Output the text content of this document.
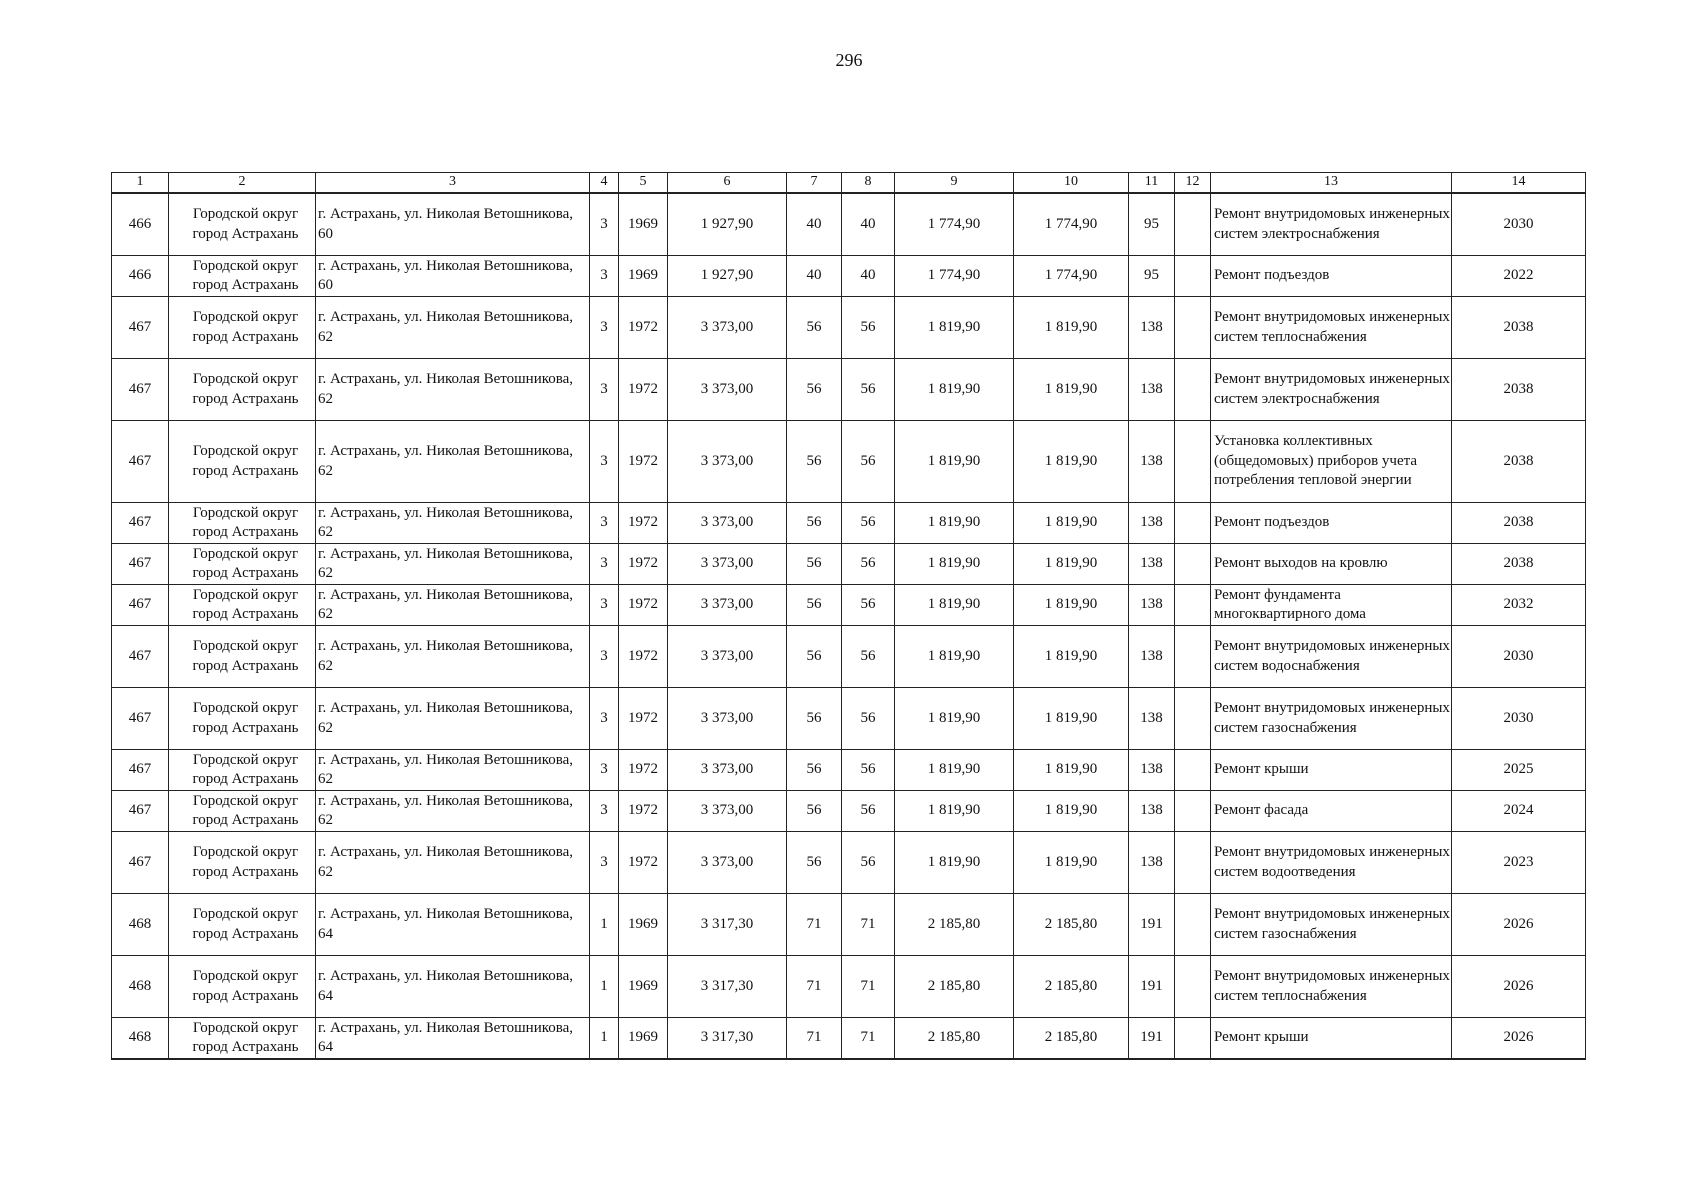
296
1	2	3	4	5	6	7	8	9	10	11	12	13	14
466	Городской округ город Астрахань	г. Астрахань, ул. Николая Ветошникова, 60	3	1969	1 927,90	40	40	1 774,90	1 774,90	95		Ремонт внутридомовых инженерных систем электроснабжения	2030
466	Городской округ город Астрахань	г. Астрахань, ул. Николая Ветошникова, 60	3	1969	1 927,90	40	40	1 774,90	1 774,90	95		Ремонт подъездов	2022
467	Городской округ город Астрахань	г. Астрахань, ул. Николая Ветошникова, 62	3	1972	3 373,00	56	56	1 819,90	1 819,90	138		Ремонт внутридомовых инженерных систем теплоснабжения	2038
467	Городской округ город Астрахань	г. Астрахань, ул. Николая Ветошникова, 62	3	1972	3 373,00	56	56	1 819,90	1 819,90	138		Ремонт внутридомовых инженерных систем электроснабжения	2038
467	Городской округ город Астрахань	г. Астрахань, ул. Николая Ветошникова, 62	3	1972	3 373,00	56	56	1 819,90	1 819,90	138		Установка коллективных (общедомовых) приборов учета потребления тепловой энергии	2038
467	Городской округ город Астрахань	г. Астрахань, ул. Николая Ветошникова, 62	3	1972	3 373,00	56	56	1 819,90	1 819,90	138		Ремонт подъездов	2038
467	Городской округ город Астрахань	г. Астрахань, ул. Николая Ветошникова, 62	3	1972	3 373,00	56	56	1 819,90	1 819,90	138		Ремонт выходов на кровлю	2038
467	Городской округ город Астрахань	г. Астрахань, ул. Николая Ветошникова, 62	3	1972	3 373,00	56	56	1 819,90	1 819,90	138		Ремонт фундамента многоквартирного дома	2032
467	Городской округ город Астрахань	г. Астрахань, ул. Николая Ветошникова, 62	3	1972	3 373,00	56	56	1 819,90	1 819,90	138		Ремонт внутридомовых инженерных систем водоснабжения	2030
467	Городской округ город Астрахань	г. Астрахань, ул. Николая Ветошникова, 62	3	1972	3 373,00	56	56	1 819,90	1 819,90	138		Ремонт внутридомовых инженерных систем газоснабжения	2030
467	Городской округ город Астрахань	г. Астрахань, ул. Николая Ветошникова, 62	3	1972	3 373,00	56	56	1 819,90	1 819,90	138		Ремонт крыши	2025
467	Городской округ город Астрахань	г. Астрахань, ул. Николая Ветошникова, 62	3	1972	3 373,00	56	56	1 819,90	1 819,90	138		Ремонт фасада	2024
467	Городской округ город Астрахань	г. Астрахань, ул. Николая Ветошникова, 62	3	1972	3 373,00	56	56	1 819,90	1 819,90	138		Ремонт внутридомовых инженерных систем водоотведения	2023
468	Городской округ город Астрахань	г. Астрахань, ул. Николая Ветошникова, 64	1	1969	3 317,30	71	71	2 185,80	2 185,80	191		Ремонт внутридомовых инженерных систем газоснабжения	2026
468	Городской округ город Астрахань	г. Астрахань, ул. Николая Ветошникова, 64	1	1969	3 317,30	71	71	2 185,80	2 185,80	191		Ремонт внутридомовых инженерных систем теплоснабжения	2026
468	Городской округ город Астрахань	г. Астрахань, ул. Николая Ветошникова, 64	1	1969	3 317,30	71	71	2 185,80	2 185,80	191		Ремонт крыши	2026
